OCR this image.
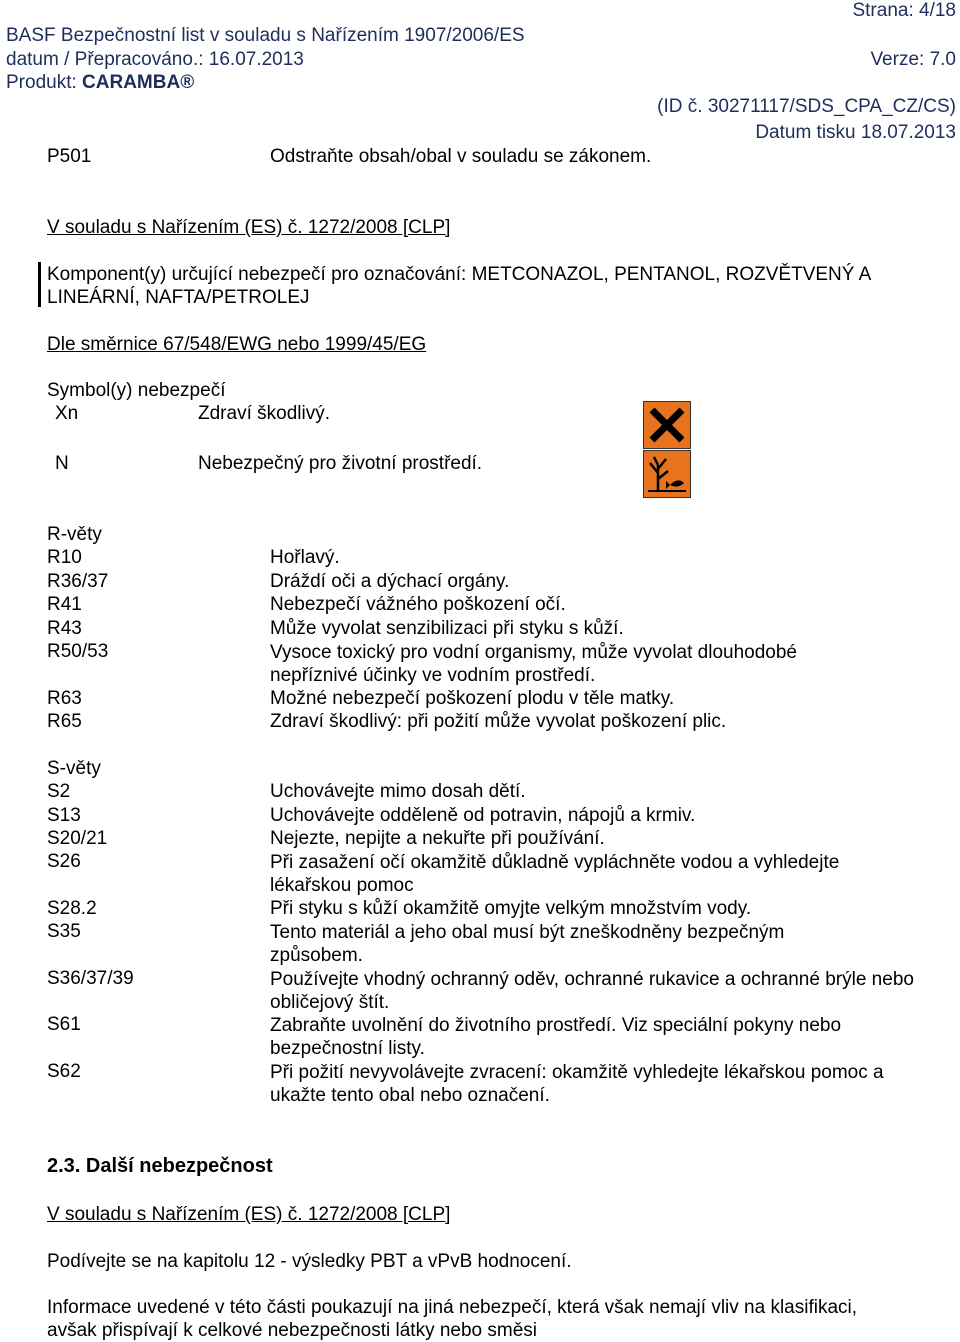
Strana: 4/18
BASF Bezpečnostní list v souladu s Nařízením 1907/2006/ES
datum / Přepracováno.: 16.07.2013	Verze: 7.0
Produkt: CARAMBA®
(ID č. 30271117/SDS_CPA_CZ/CS)
Datum tisku 18.07.2013
P501	Odstraňte obsah/obal v souladu se zákonem.
V souladu s Nařízením (ES) č. 1272/2008 [CLP]
Komponent(y) určující nebezpečí pro označování: METCONAZOL, PENTANOL, ROZVĚTVENÝ A
LINEÁRNÍ, NAFTA/PETROLEJ
Dle směrnice 67/548/EWG nebo 1999/45/EG
Symbol(y) nebezpečí
Xn	Zdraví škodlivý.
N	Nebezpečný pro životní prostředí.
R-věty
R10	Hořlavý.
R36/37	Dráždí oči a dýchací orgány.
R41	Nebezpečí vážného poškození očí.
R43	Může vyvolat senzibilizaci při styku s kůží.
R50/53	Vysoce toxický pro vodní organismy, může vyvolat dlouhodobé nepříznivé účinky ve vodním prostředí.
R63	Možné nebezpečí poškození plodu v těle matky.
R65	Zdraví škodlivý: při požití může vyvolat poškození plic.
S-věty
S2	Uchovávejte mimo dosah dětí.
S13	Uchovávejte odděleně od potravin, nápojů a krmiv.
S20/21	Nejezte, nepijte a nekuřte při používání.
S26	Při zasažení očí okamžitě důkladně vypláchněte vodou a vyhledejte lékařskou pomoc
S28.2	Při styku s kůží okamžitě omyjte velkým množstvím vody.
S35	Tento materiál a jeho obal musí být zneškodněny bezpečným způsobem.
S36/37/39	Používejte vhodný ochranný oděv, ochranné rukavice a ochranné brýle nebo obličejový štít.
S61	Zabraňte uvolnění do životního prostředí. Viz speciální pokyny nebo bezpečnostní listy.
S62	Při požití nevyvolávejte zvracení: okamžitě vyhledejte lékařskou pomoc a ukažte tento obal nebo označení.
2.3. Další nebezpečnost
V souladu s Nařízením (ES) č. 1272/2008 [CLP]
Podívejte se na kapitolu 12 - výsledky PBT a vPvB hodnocení.
Informace uvedené v této části poukazují na jiná nebezpečí, která však nemají vliv na klasifikaci,
avšak přispívají k celkové nebezpečnosti látky nebo směsi
